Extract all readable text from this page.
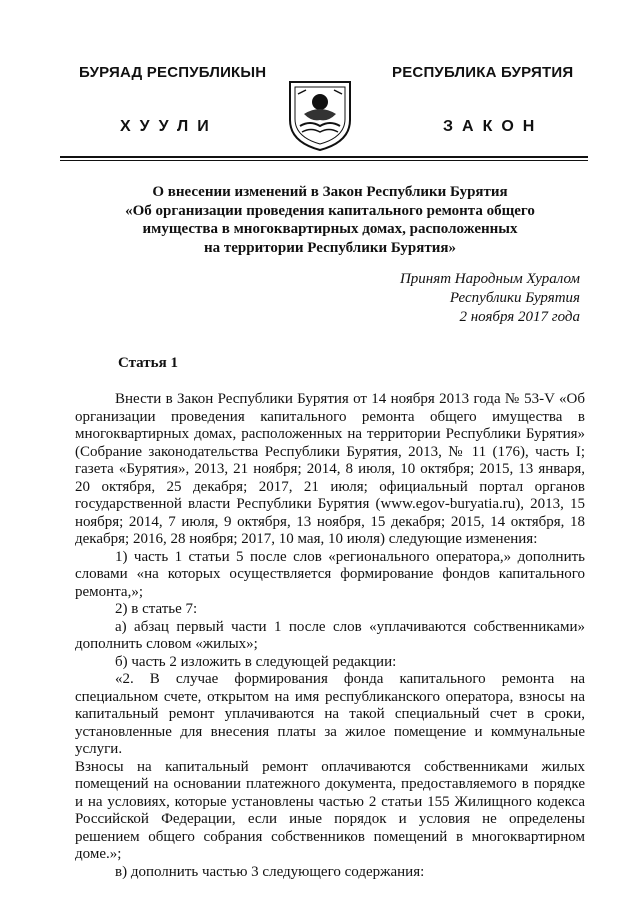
БУРЯАД РЕСПУБЛИКЫН	РЕСПУБЛИКА БУРЯТИЯ
ХУУЛИ	ЗАКОН
О внесении изменений в Закон Республики Бурятия
«Об организации проведения капитального ремонта общего
имущества в многоквартирных домах, расположенных
на территории Республики Бурятия»
Принят Народным Хуралом
Республики Бурятия
2 ноября 2017 года
Статья 1

Внести в Закон Республики Бурятия от 14 ноября 2013 года № 53-V «Об организации проведения капитального ремонта общего имущества в многоквартирных домах, расположенных на территории Республики Бурятия» (Собрание законодательства Республики Бурятия, 2013, № 11 (176), часть I; газета «Бурятия», 2013, 21 ноября; 2014, 8 июля, 10 октября; 2015, 13 января, 20 октября, 25 декабря; 2017, 21 июля; официальный портал органов государственной власти Республики Бурятия (www.egov-buryatia.ru), 2013, 15 ноября; 2014, 7 июля, 9 октября, 13 ноября, 15 декабря; 2015, 14 октября, 18 декабря; 2016, 28 ноября; 2017, 10 мая, 10 июля) следующие изменения:

1) часть 1 статьи 5 после слов «регионального оператора,» дополнить словами «на которых осуществляется формирование фондов капитального ремонта,»;

2) в статье 7:

а) абзац первый части 1 после слов «уплачиваются собственниками» дополнить словом «жилых»;

б) часть 2 изложить в следующей редакции:

«2. В случае формирования фонда капитального ремонта на специальном счете, открытом на имя республиканского оператора, взносы на капитальный ремонт уплачиваются на такой специальный счет в сроки, установленные для внесения платы за жилое помещение и коммунальные услуги.

Взносы на капитальный ремонт оплачиваются собственниками жилых помещений на основании платежного документа, предоставляемого в порядке и на условиях, которые установлены частью 2 статьи 155 Жилищного кодекса Российской Федерации, если иные порядок и условия не определены решением общего собрания собственников помещений в многоквартирном доме.»;

в) дополнить частью 3 следующего содержания:
